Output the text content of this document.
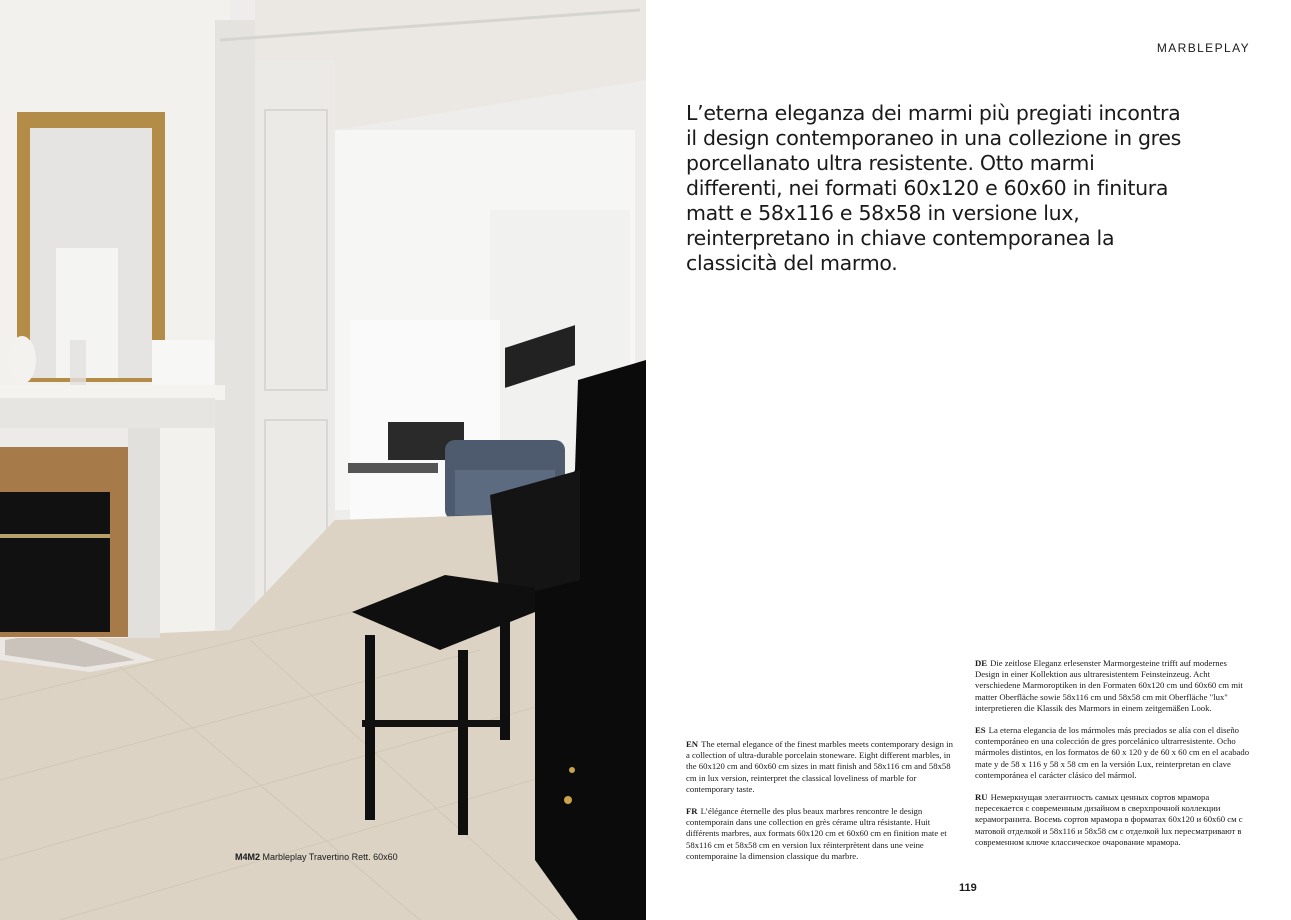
M4M2 Marbleplay Travertino Rett. 60x60
MARBLEPLAY
L’eterna eleganza dei marmi più pregiati incontra il design contemporaneo in una collezione in gres porcellanato ultra resistente. Otto marmi differenti, nei formati 60x120 e 60x60 in finitura matt e 58x116 e 58x58 in versione lux, reinterpretano in chiave contemporanea la classicità del marmo.

EN The eternal elegance of the finest marbles meets contemporary design in a collection of ultra-durable porcelain stoneware. Eight different marbles, in the 60x120 cm and 60x60 cm sizes in matt finish and 58x116 cm and 58x58 cm in lux version, reinterpret the classical loveliness of marble for contemporary taste.

FR L’élégance éternelle des plus beaux marbres rencontre le design contemporain dans une collection en grès cérame ultra résistante. Huit différents marbres, aux formats 60x120 cm et 60x60 cm en finition mate et 58x116 cm et 58x58 cm en version lux réinterprètent dans une veine contemporaine la dimension classique du marbre.

DE Die zeitlose Eleganz erlesenster Marmorgesteine trifft auf modernes Design in einer Kollektion aus ultraresistentem Feinsteinzeug. Acht verschiedene Marmoroptiken in den Formaten 60x120 cm und 60x60 cm mit matter Oberfläche sowie 58x116 cm und 58x58 cm mit Oberfläche "lux" interpretieren die Klassik des Marmors in einem zeitgemäßen Look.

ES La eterna elegancia de los mármoles más preciados se alía con el diseño contemporáneo en una colección de gres porcelánico ultrarresistente. Ocho mármoles distintos, en los formatos de 60 x 120 y de 60 x 60 cm en el acabado mate y de 58 x 116 y 58 x 58 cm en la versión Lux, reinterpretan en clave contemporánea el carácter clásico del mármol.

RU Немеркнущая элегантность самых ценных сортов мрамора пересекается с современным дизайном в сверхпрочной коллекции керамогранита. Восемь сортов мрамора в форматах 60x120 и 60x60 см с матовой отделкой и 58x116 и 58x58 см с отделкой lux пересматривают в современном ключе классическое очарование мрамора.

119
